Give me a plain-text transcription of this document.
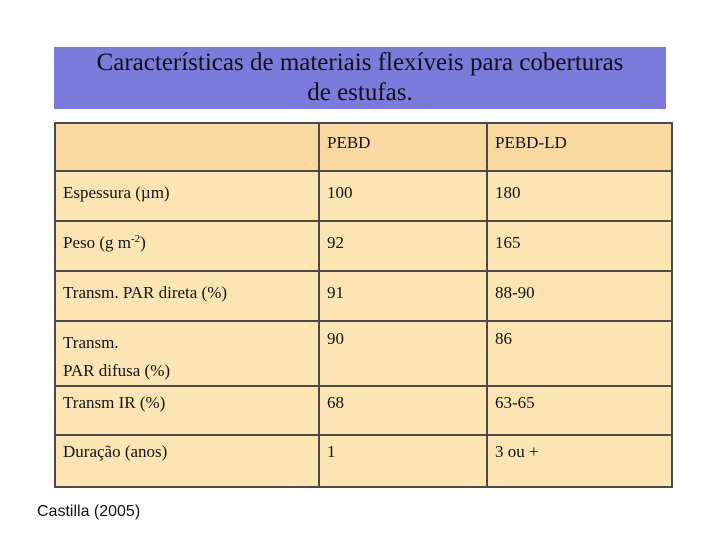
Características de materiais flexíveis para coberturas
de estufas.
	PEBD	PEBD-LD
Espessura (µm)	100	180
Peso (g $m^{-2}$)	92	165
Transm. PAR direta (%)	91	88-90

Transm.
PAR difusa (%)	90	86
Transm IR (%)	68	63-65
Duração (anos)	1	3 ou +
Castilla (2005)
